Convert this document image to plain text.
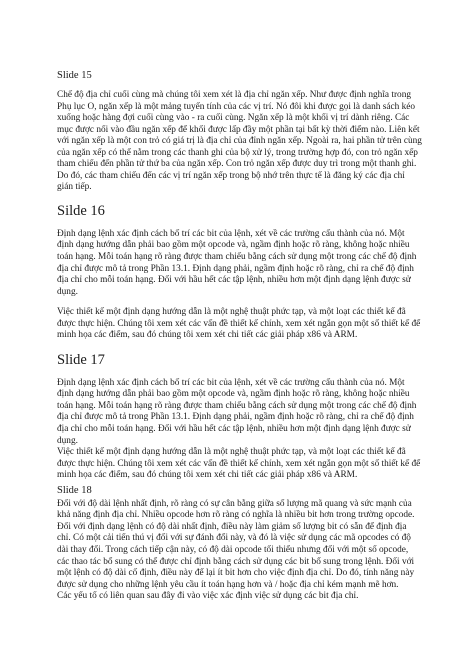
Slide 15

Chế độ địa chỉ cuối cùng mà chúng tôi xem xét là địa chỉ ngăn xếp. Như được định nghĩa trong Phụ lục O, ngăn xếp là một mảng tuyến tính của các vị trí. Nó đôi khi được gọi là danh sách kéo xuống hoặc hàng đợi cuối cùng vào - ra cuối cùng. Ngăn xếp là một khối vị trí dành riêng. Các mục được nối vào đầu ngăn xếp để khối được lấp đầy một phần tại bất kỳ thời điểm nào. Liên kết với ngăn xếp là một con trỏ có giá trị là địa chỉ của đỉnh ngăn xếp. Ngoài ra, hai phần tử trên cùng của ngăn xếp có thể nằm trong các thanh ghi của bộ xử lý, trong trường hợp đó, con trỏ ngăn xếp tham chiếu đến phần tử thứ ba của ngăn xếp. Con trỏ ngăn xếp được duy trì trong một thanh ghi. Do đó, các tham chiếu đến các vị trí ngăn xếp trong bộ nhớ trên thực tế là đăng ký các địa chỉ gián tiếp.

Silde 16

Định dạng lệnh xác định cách bố trí các bit của lệnh, xét về các trường cấu thành của nó. Một định dạng hướng dẫn phải bao gồm một opcode và, ngầm định hoặc rõ ràng, không hoặc nhiều toán hạng. Mỗi toán hạng rõ ràng được tham chiếu bằng cách sử dụng một trong các chế độ định địa chỉ được mô tả trong Phần 13.1. Định dạng phải, ngầm định hoặc rõ ràng, chỉ ra chế độ định địa chỉ cho mỗi toán hạng. Đối với hầu hết các tập lệnh, nhiều hơn một định dạng lệnh được sử dụng.

Việc thiết kế một định dạng hướng dẫn là một nghệ thuật phức tạp, và một loạt các thiết kế đã được thực hiện. Chúng tôi xem xét các vấn đề thiết kế chính, xem xét ngắn gọn một số thiết kế để minh họa các điểm, sau đó chúng tôi xem xét chi tiết các giải pháp x86 và ARM.

Slide 17

Định dạng lệnh xác định cách bố trí các bit của lệnh, xét về các trường cấu thành của nó. Một định dạng hướng dẫn phải bao gồm một opcode và, ngầm định hoặc rõ ràng, không hoặc nhiều toán hạng. Mỗi toán hạng rõ ràng được tham chiếu bằng cách sử dụng một trong các chế độ định địa chỉ được mô tả trong Phần 13.1. Định dạng phải, ngầm định hoặc rõ ràng, chỉ ra chế độ định địa chỉ cho mỗi toán hạng. Đối với hầu hết các tập lệnh, nhiều hơn một định dạng lệnh được sử dụng.

Việc thiết kế một định dạng hướng dẫn là một nghệ thuật phức tạp, và một loạt các thiết kế đã được thực hiện. Chúng tôi xem xét các vấn đề thiết kế chính, xem xét ngắn gọn một số thiết kế để minh họa các điểm, sau đó chúng tôi xem xét chi tiết các giải pháp x86 và ARM.

Slide 18

Đối với độ dài lệnh nhất định, rõ ràng có sự cân bằng giữa số lượng mã quang và sức mạnh của khả năng định địa chỉ. Nhiều opcode hơn rõ ràng có nghĩa là nhiều bit hơn trong trường opcode. Đối với định dạng lệnh có độ dài nhất định, điều này làm giảm số lượng bit có sẵn để định địa chỉ. Có một cải tiến thú vị đối với sự đánh đổi này, và đó là việc sử dụng các mã opcodes có độ dài thay đổi. Trong cách tiếp cận này, có độ dài opcode tối thiểu nhưng đối với một số opcode, các thao tác bổ sung có thể được chỉ định bằng cách sử dụng các bit bổ sung trong lệnh. Đối với một lệnh có độ dài cố định, điều này để lại ít bit hơn cho việc định địa chỉ. Do đó, tính năng này được sử dụng cho những lệnh yêu cầu ít toán hạng hơn và / hoặc địa chỉ kém mạnh mẽ hơn.

Các yếu tố có liên quan sau đây đi vào việc xác định việc sử dụng các bit địa chỉ.
